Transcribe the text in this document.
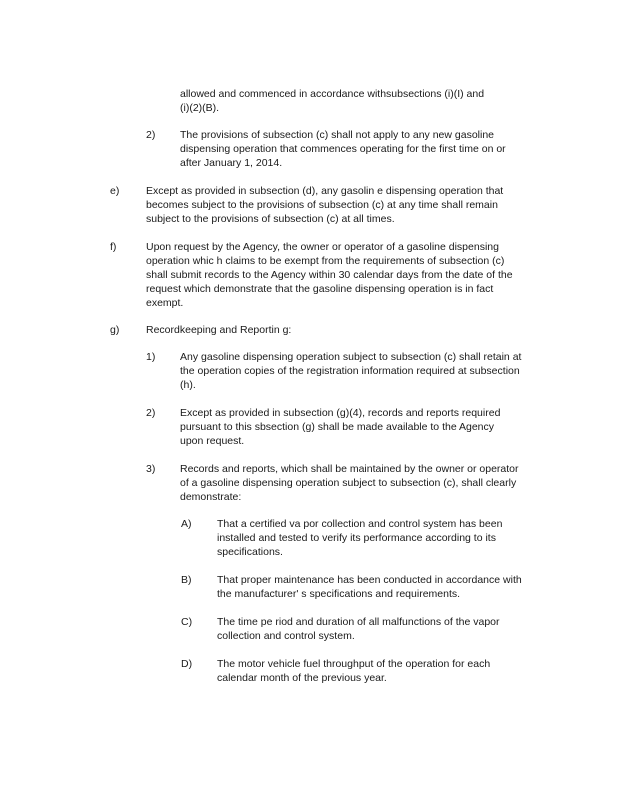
allowed and commenced in accordance withsubsections (i)(I) and
(i)(2)(B).
2) The provisions of subsection (c) shall not apply to any new gasoline
dispensing operation that commences operating for the first time on or
after January 1, 2014.
e)	Except as provided in subsection (d), any gasolin e dispensing operation that
becomes subject to the provisions of subsection (c) at any time shall remain
subject to the provisions of subsection (c) at all times.
f)	Upon request by the Agency, the owner or operator of a gasoline dispensing
operation whic h claims to be exempt from the requirements of subsection (c)
shall submit records to the Agency within 30 calendar days from the date of the
request which demonstrate that the gasoline dispensing operation is in fact
exempt.
g)	Recordkeeping and Reportin g:
1) Any gasoline dispensing operation subject to subsection (c) shall retain at
the operation copies of the registration information required at subsection
(h).
2) Except as provided in subsection (g)(4), records and reports required
pursuant to this sbsection (g) shall be made available to the Agency
upon request.
3) Records and reports, which shall be maintained by the owner or operator
of a gasoline dispensing operation subject to subsection (c), shall clearly
demonstrate:
A) That a certified va por collection and control system has been
installed and tested to verify its performance according to its
specifications.
B) That proper maintenance has been conducted in accordance with
the manufacturer' s specifications and requirements.
C) The time pe riod and duration of all malfunctions of the vapor
collection and control system.
D) The motor vehicle fuel throughput of the operation for each
calendar month of the previous year.
